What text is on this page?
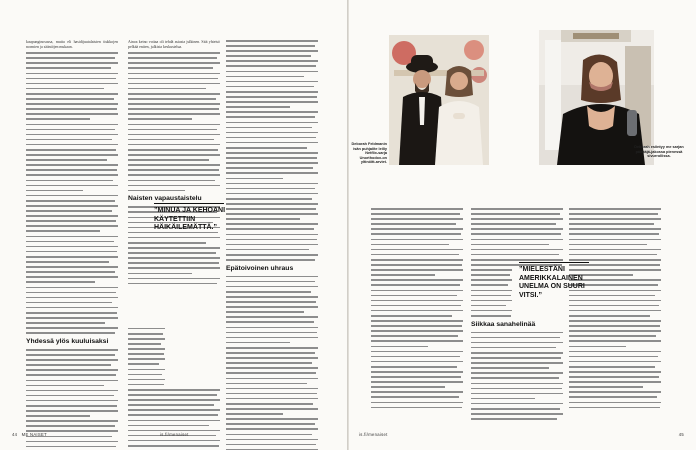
kaupunginosassa, mutta eli hasidijuutalaisten tiukkojen normien ja sääntöjen mukaan.

Yhdessä ylös kuuluisaksi

Ainoa keino vottaa oli tehdä asiasta julkinen. Sitä yhteisö pelkää eniten, julkista keskustelua.

Naisten vapaustaistelu
Epätoivoinen uhraus
”MINUA JA KEHOANI KÄYTETTIIN HÄIKÄILEMÄTTÄ.”
44 ME NAISET	is.fi/menaiset
Deborah Feldmanin isän puhjaiite leiliy Netflix-sarja Unorthodox-on yltinöitt-arviet.
Deborah esiintyy me sarjan päättäjä-jakossa pienessä sivurrollissa.
Siikkaa sanahelinää
”MIELESTÄNI AMERIKKALAINEN UNELMA ON SUURI VITSI.”
is.fi/menaiset	45
